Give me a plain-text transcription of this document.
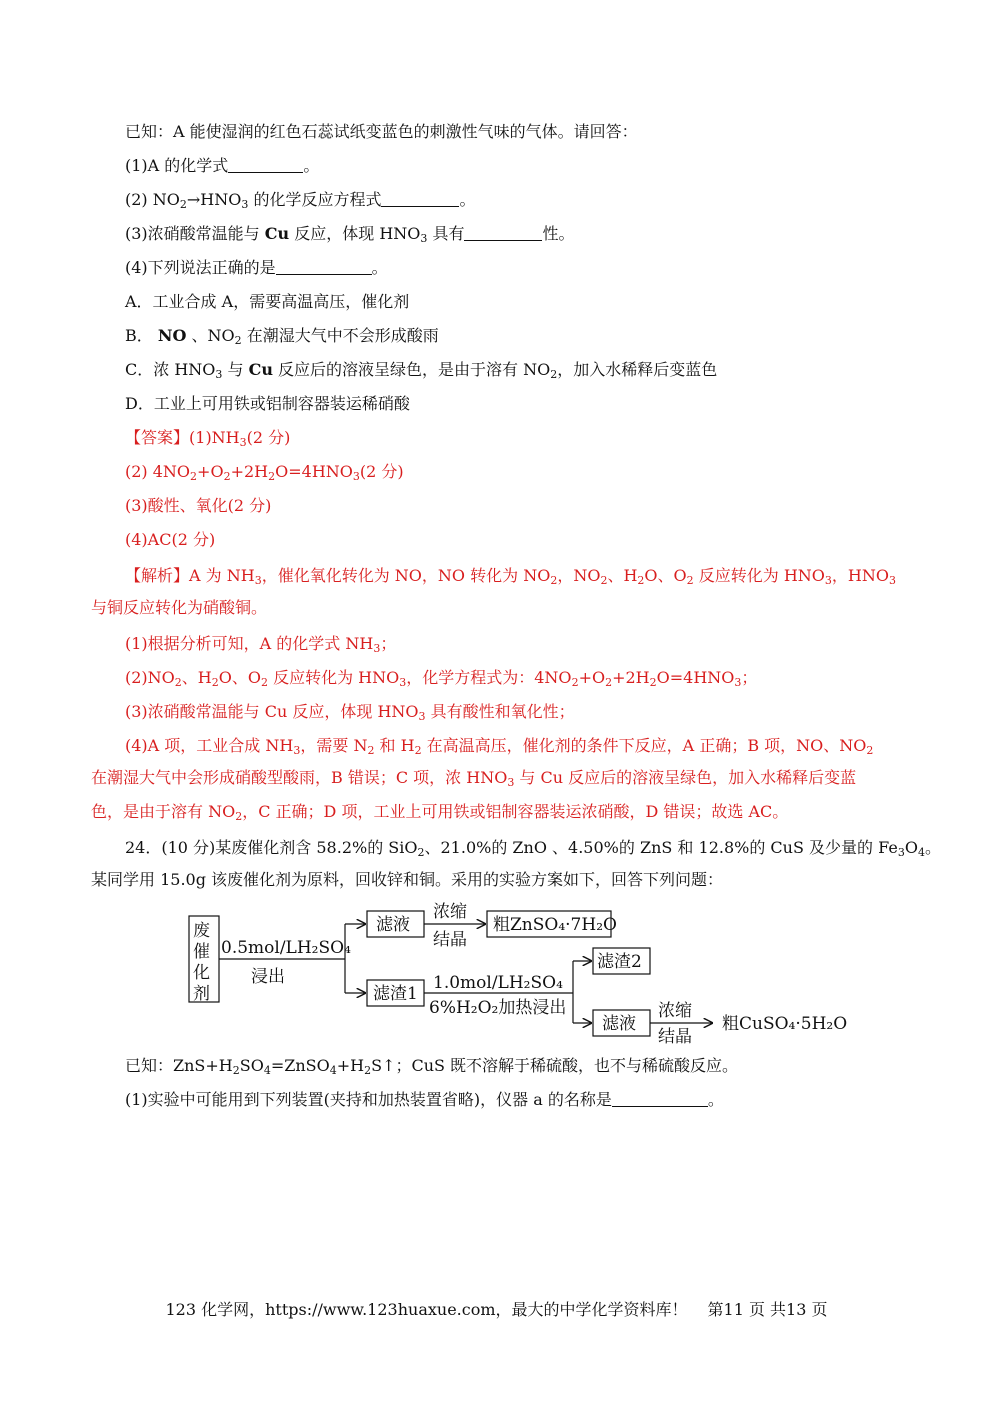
已知：A 能使湿润的红色石蕊试纸变蓝色的刺激性气味的气体。请回答：
(1)A 的化学式	。
(2) $NO_2\to HNO_3$ 的化学反应方程式	。
(3)浓硝酸常温能与 Cu 反应，体现 $HNO_3$ 具有	性。
(4)下列说法正确的是	。
A．工业合成 A，需要高温高压，催化剂
B． NO 、$NO_2$ 在潮湿大气中不会形成酸雨
C．浓 $HNO_3$ 与 Cu 反应后的溶液呈绿色，是由于溶有 $NO_2$，加入水稀释后变蓝色
D．工业上可用铁或铝制容器装运稀硝酸
【答案】$(1)NH_3(2$ 分)
(2) $4NO_2+O_2+2H_2O=4HNO_3(2$ 分)
(3)酸性、氧化(2 分)
(4)AC(2 分)
【解析】A 为 $NH_3$，催化氧化转化为 NO，NO 转化为 $NO_2$，$NO_2$、$H_2O$、$O_2$ 反应转化为 $HNO_3$，$HNO_3$
与铜反应转化为硝酸铜。
(1)根据分析可知，A 的化学式 $NH_3$；
$(2)NO_2$、$H_2O$、$O_2$ 反应转化为 $HNO_3$，化学方程式为：$4NO_2+O_2+2H_2O=4HNO_3$；
(3)浓硝酸常温能与 Cu 反应，体现 $HNO_3$ 具有酸性和氧化性；
(4)A 项，工业合成 $NH_3$，需要 $N_2$ 和 $H_2$ 在高温高压，催化剂的条件下反应，A 正确；B 项，NO、$NO_2$
在潮湿大气中会形成硝酸型酸雨，B 错误；C 项，浓 $HNO_3$ 与 Cu 反应后的溶液呈绿色，加入水稀释后变蓝
色，是由于溶有 $NO_2$，C 正确；D 项，工业上可用铁或铝制容器装运浓硝酸，D 错误；故选 AC。
24．(10 分)某废催化剂含 58.2%的 SiO$_2$、21.0%的 ZnO 、4.50%的 ZnS 和 12.8%的 CuS 及少量的 $Fe_3O_4$。
某同学用 15.0g 该废催化剂为原料，回收锌和铜。采用的实验方案如下，回答下列问题：
废
催
化
剂
0.5mol/LH₂SO₄
浸出
滤液
浓缩
结晶
粗ZnSO₄·7H₂O
滤渣1
1.0mol/LH₂SO₄
6%H₂O₂加热浸出
滤渣2
滤液
浓缩
结晶
粗CuSO₄·5H₂O
已知：$ZnS+H_2SO_4=ZnSO_4+H_2S↑$；CuS 既不溶解于稀硫酸，也不与稀硫酸反应。
(1)实验中可能用到下列装置(夹持和加热装置省略)，仪器 a 的名称是	。
123 化学网，https://www.123huaxue.com，最大的中学化学资料库！ 第11 页 共13 页
